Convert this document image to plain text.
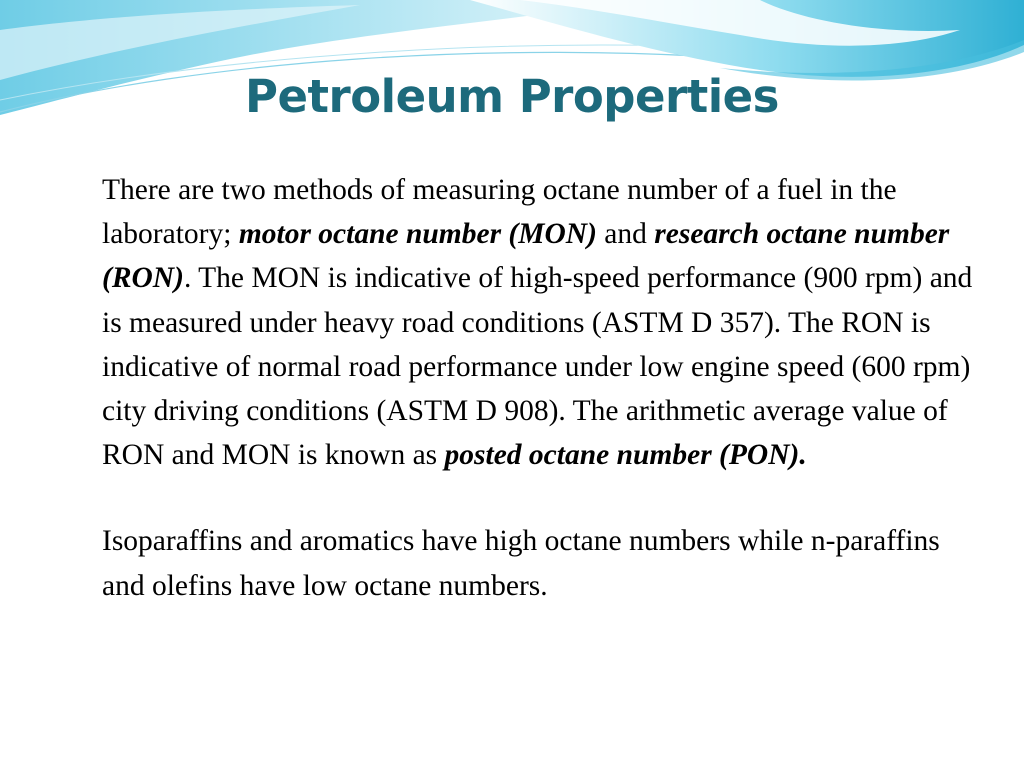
Petroleum Properties

There are two methods of measuring octane number of a fuel in the laboratory; motor octane number (MON) and research octane number (RON). The MON is indicative of high-speed performance (900 rpm) and is measured under heavy road conditions (ASTM D 357). The RON is indicative of normal road performance under low engine speed (600 rpm) city driving conditions (ASTM D 908). The arithmetic average value of RON and MON is known as posted octane number (PON).

Isoparaffins and aromatics have high octane numbers while n-paraffins and olefins have low octane numbers.
